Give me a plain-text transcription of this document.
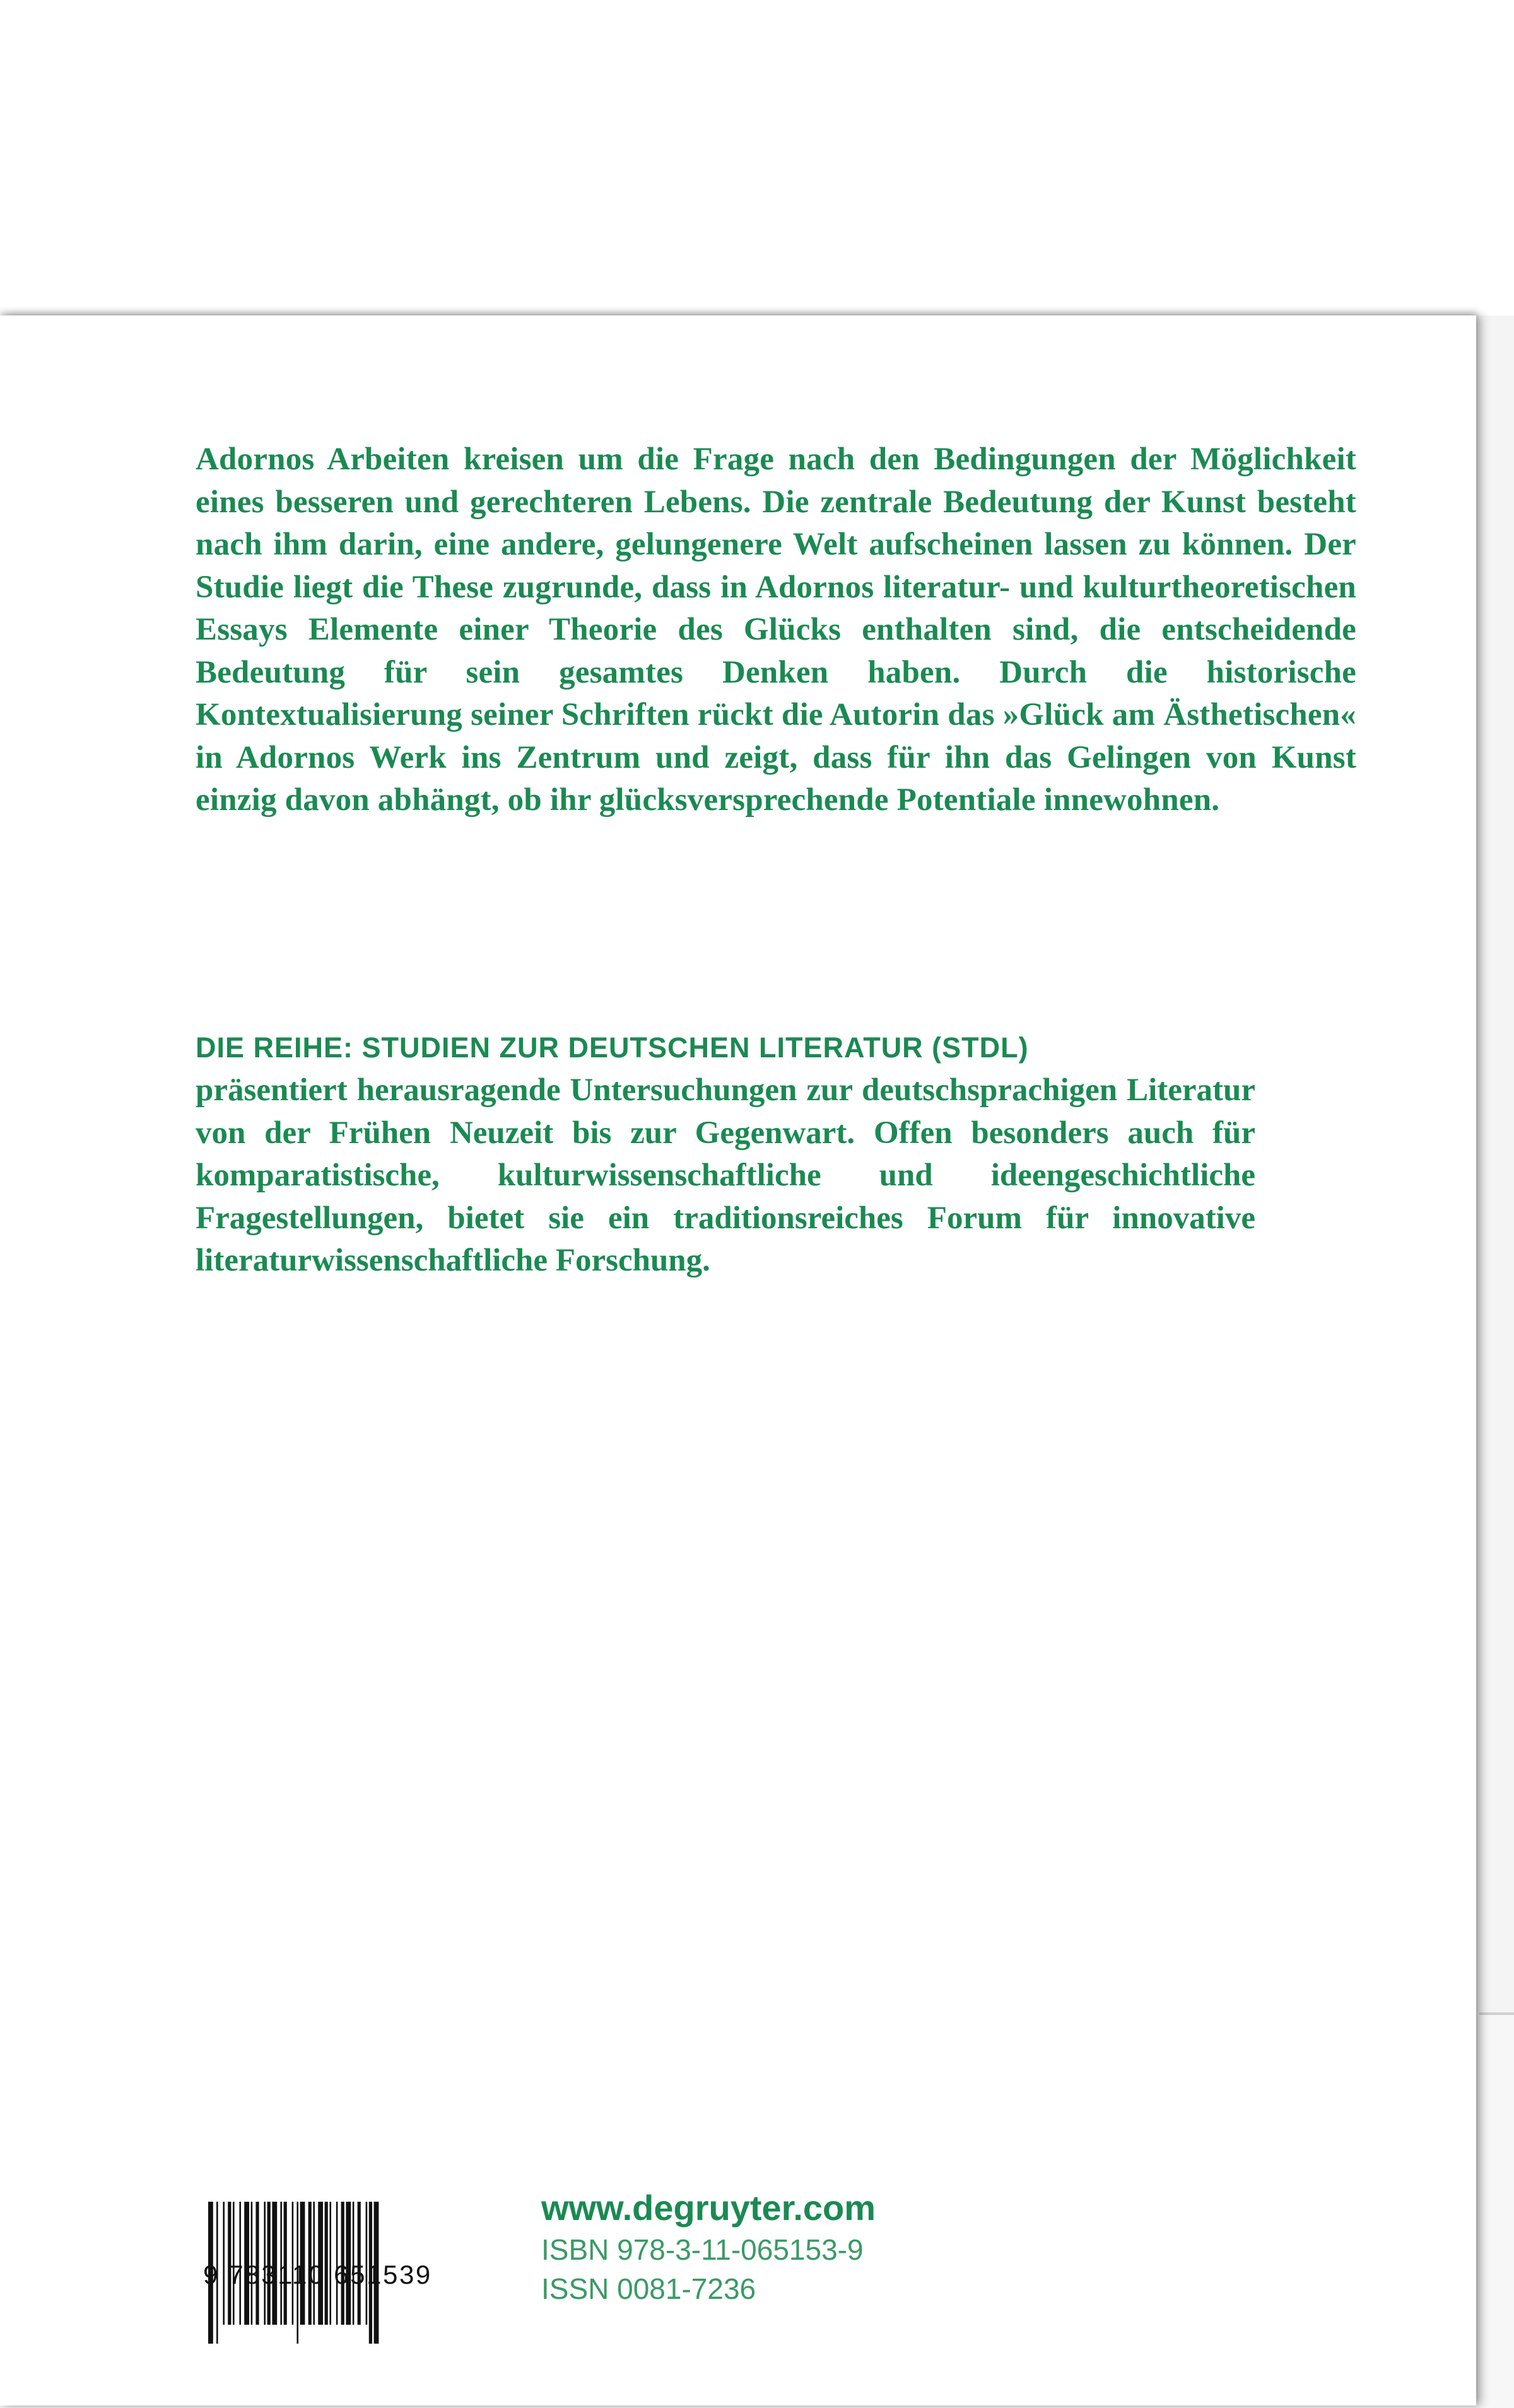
Adornos Arbeiten kreisen um die Frage nach den Bedingungen der Möglichkeit eines besseren und gerechteren Lebens. Die zentrale Bedeutung der Kunst besteht nach ihm darin, eine andere, gelungenere Welt aufscheinen lassen zu können. Der Studie liegt die These zugrunde, dass in Adornos literatur- und kulturtheoretischen Essays Elemente einer Theorie des Glücks enthalten sind, die entscheidende Bedeutung für sein gesamtes Denken haben. Durch die historische Kontextualisierung seiner Schriften rückt die Autorin das »Glück am Ästhetischen« in Adornos Werk ins Zentrum und zeigt, dass für ihn das Gelingen von Kunst einzig davon abhängt, ob ihr glücksversprechende Potentiale innewohnen.

DIE REIHE: STUDIEN ZUR DEUTSCHEN LITERATUR (STDL)

präsentiert herausragende Untersuchungen zur deutschsprachigen Literatur von der Frühen Neuzeit bis zur Gegenwart. Offen besonders auch für komparatistische, kulturwissenschaftliche und ideengeschichtliche Fragestellungen, bietet sie ein traditionsreiches Forum für innovative literaturwissenschaftliche Forschung.

9 783110 651539

www.degruyter.com

ISBN 978-3-11-065153-9

ISSN 0081-7236
